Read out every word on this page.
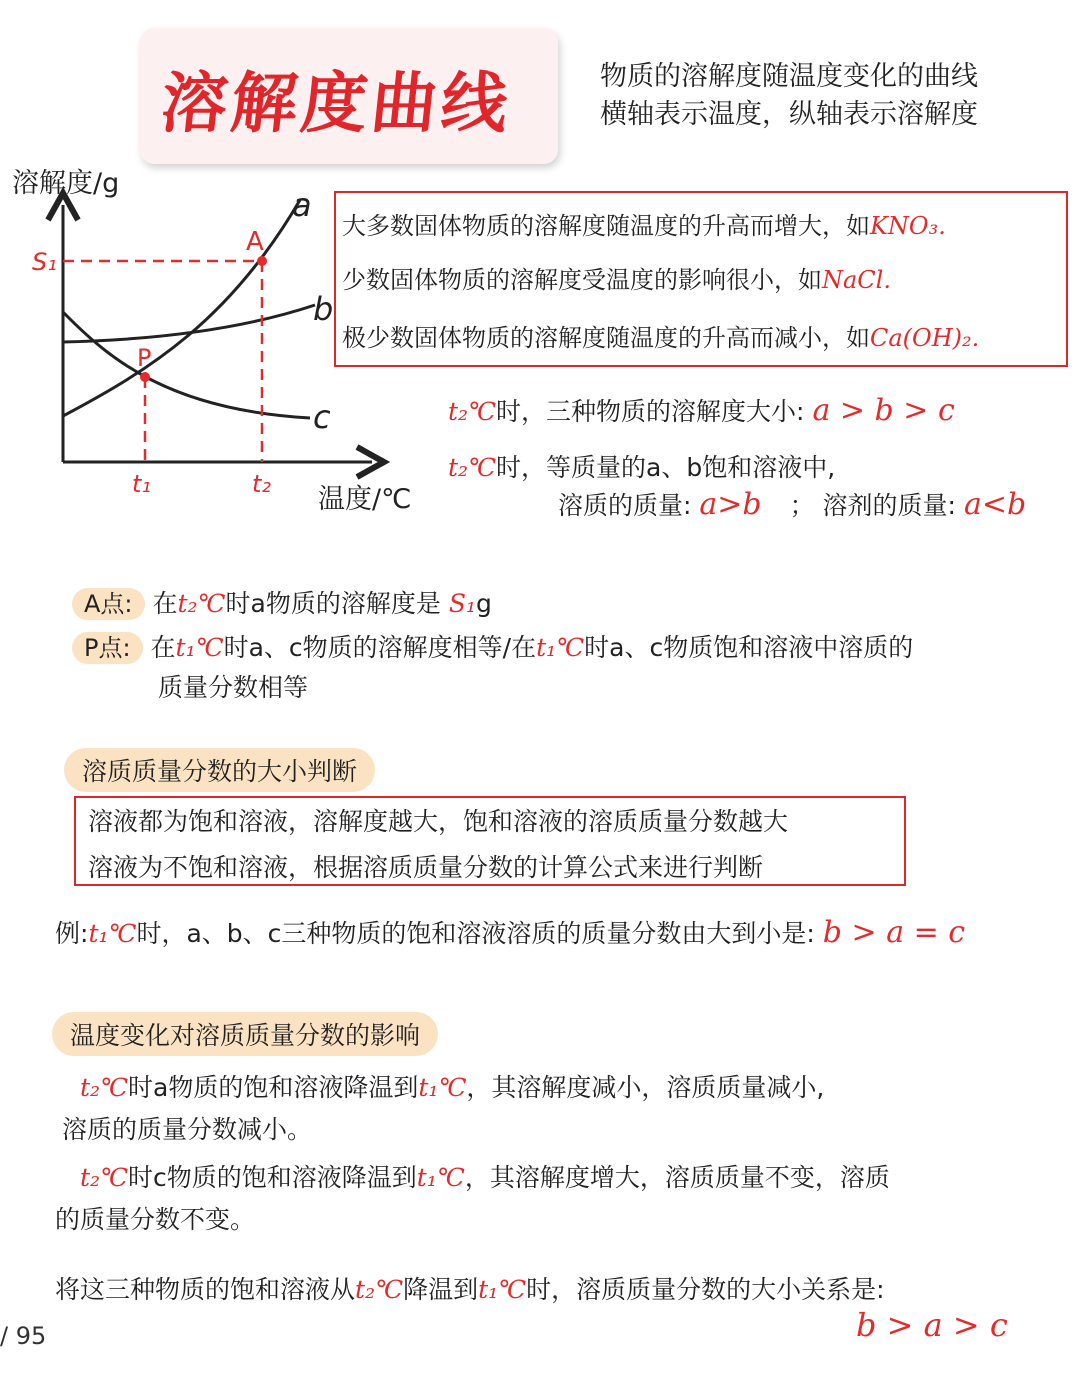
溶解度曲线	物质的溶解度随温度变化的曲线
横轴表示温度，纵轴表示溶解度
溶解度/g
温度/℃
S₁
A
P
t₁	t₂
a
b
c
大多数固体物质的溶解度随温度的升高而增大，如KNO₃.
少数固体物质的溶解度受温度的影响很小，如NaCl.
极少数固体物质的溶解度随温度的升高而减小，如Ca(OH)₂.
t₂℃时，三种物质的溶解度大小: a > b > c
t₂℃时，等质量的a、b饱和溶液中,
溶质的质量: a>b ； 溶剂的质量: a<b
A点: 在t₂℃时a物质的溶解度是 S₁g
P点: 在t₁℃时a、c物质的溶解度相等/在t₁℃时a、c物质饱和溶液中溶质的
质量分数相等
溶质质量分数的大小判断
溶液都为饱和溶液，溶解度越大，饱和溶液的溶质质量分数越大
溶液为不饱和溶液，根据溶质质量分数的计算公式来进行判断
例:t₁℃时，a、b、c三种物质的饱和溶液溶质的质量分数由大到小是: b > a = c
温度变化对溶质质量分数的影响
t₂℃时a物质的饱和溶液降温到t₁℃，其溶解度减小，溶质质量减小,
溶质的质量分数减小。
t₂℃时c物质的饱和溶液降温到t₁℃，其溶解度增大，溶质质量不变，溶质
的质量分数不变。
将这三种物质的饱和溶液从t₂℃降温到t₁℃时，溶质质量分数的大小关系是:
b > a > c
/ 95
